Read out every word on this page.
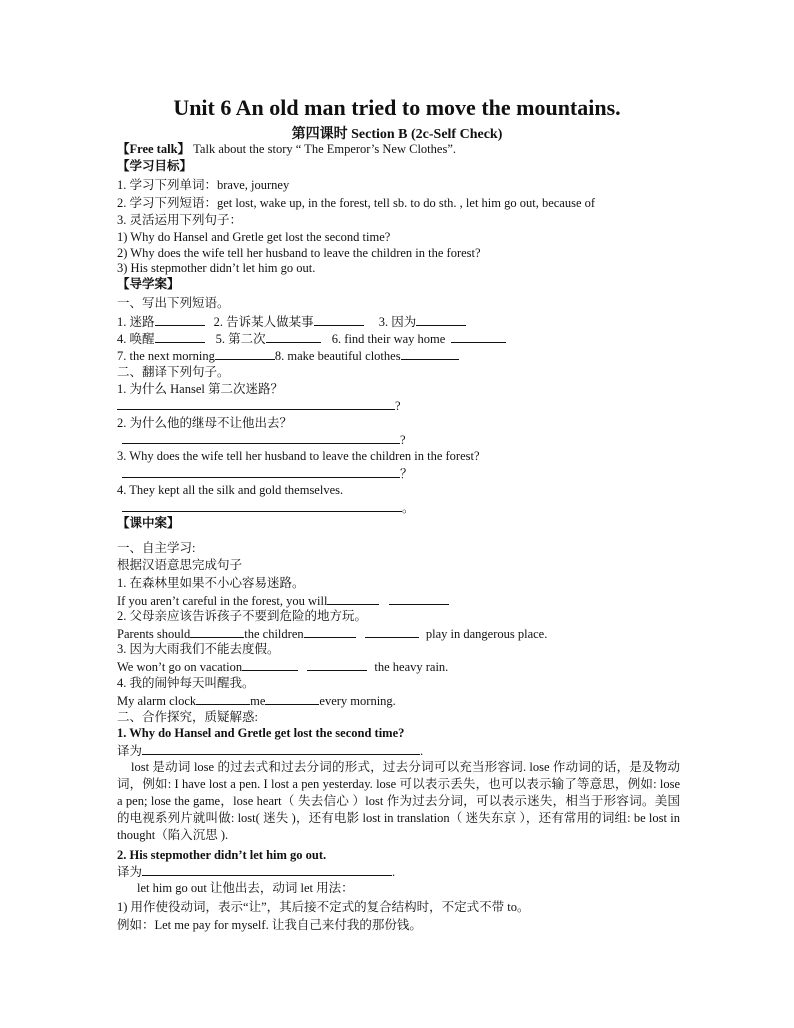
Unit 6 An old man tried to move the mountains.
第四课时 Section B (2c-Self Check)
【Free talk】 Talk about the story “ The Emperor’s New Clothes”.
【学习目标】
1. 学习下列单词：brave, journey
2. 学习下列短语：get lost, wake up, in the forest, tell sb. to do sth. , let him go out, because of
3. 灵活运用下列句子：
1) Why do Hansel and Gretle get lost the second time?
2) Why does the wife tell her husband to leave the children in the forest?
3) His stepmother didn’t let him go out.
【导学案】
一、写出下列短语。
1. 迷路	2. 告诉某人做某事	3. 因为
4. 唤醒	5. 第二次	6. find their way home
7. the next morning	8. make beautiful clothes
二、翻译下列句子。
1. 为什么 Hansel 第二次迷路？
?
2. 为什么他的继母不让他出去？
?
3. Why does the wife tell her husband to leave the children in the forest?
？
4. They kept all the silk and gold themselves.
。
【课中案】
一、自主学习:
根据汉语意思完成句子
1. 在森林里如果不小心容易迷路。
If you aren’t careful in the forest, you will
2. 父母亲应该告诉孩子不要到危险的地方玩。
Parents should	the children	play in dangerous place.
3. 因为大雨我们不能去度假。
We won’t go on vacation	the heavy rain.
4. 我的闹钟每天叫醒我。
My alarm clock	me	every morning.
二、合作探究，质疑解惑:
1. Why do Hansel and Gretle get lost the second time?
译为	.
lost 是动词 lose 的过去式和过去分词的形式，过去分词可以充当形容词. lose 作动词的话，是及物动词，例如: I have lost a pen. I lost a pen yesterday. lose 可以表示丢失，也可以表示输了等意思，例如: lose a pen; lose the game，lose heart（ 失去信心 ）lost 作为过去分词，可以表示迷失，相当于形容词。美国的电视系列片就叫做: lost( 迷失 )，还有电影 lost in translation（ 迷失东京 ），还有常用的词组: be lost in thought（陷入沉思 ).
2. His stepmother didn’t let him go out.
译为	.
let him go out 让他出去，动词 let 用法：
1) 用作使役动词，表示“让”，其后接不定式的复合结构时，不定式不带 to。
例如：Let me pay for myself. 让我自己来付我的那份钱。
